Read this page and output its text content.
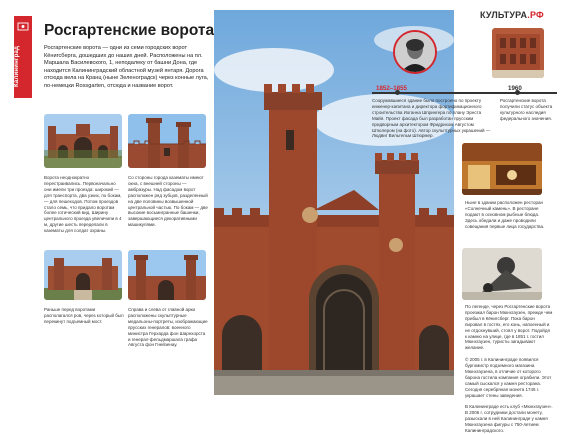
Калининград
Росгартенские ворота
Росгартенские ворота — одни из семи городских ворот Кёнигсберга, дошедших до наших дней. Расположены на пл. Маршала Василевского, 1, неподалеку от башни Дона, где находится Калининградский областной музей янтаря. Дорога отсюда вела на Кранц (ныне Зеленоградск) через конные луга, по-немецки Rossgarten, отсюда и название ворот.
Ворота неоднократно перестраивались. Первоначально они имели три проезда: широкий — для транспорта, два узких, по бокам, — для пешеходов. Потом проездов стало семь, что придало воротам более готический вид. Ширину центрального проезда увеличили в 4 м, другие шесть переделали в казематы для солдат охраны.
Со стороны города казематы имеют окна, с внешней стороны — амбразуры. Над фасадом ворот расположен ряд зубцов, разделенный на две половины возвышенной центральной частью. По бокам — две высокие восьмигранные башенки, завершающиеся декоративными машикулями.
Раньше перед воротами располагался ров, через который был перекинут подъемный мост.
Справа и слева от главной арки расположены скульптурные медальоны-портреты, изображающие прусских генералов: военного министра Герхарда фон Шарнхорста и генерал-фельдмаршала графа Августа фон Гнейзенау.
КУЛЬТУРА.РФ
1852–1855	1960
Сооружавшиеся здание было построено по проекту инженер-капитана и директора фортификационного строительства Иоганна Шпрингера по плану Эрнста Майя. Проект фасада был разработан прусским придворным архитектором Фридрихом Августом Штюлером (на фото). Автор скульптурных украшений — Людвиг Вильгельм Штюрмер.
Росгартенские ворота получили статус объекта культурного наследия федерального значения.
Ныне в здании расположен ресторан «Солнечный камень». В ресторане подают в основном рыбные блюда. Здесь обедали и даже проводили совещания первые лица государства.
По легенде, через Росгартенские ворота проезжал барон Мюнхгаузен, прежде чем прибыл в Кёнигсберг. Пока барон пировал в гостях, его конь, напоенный и не отдохнувший, стоял у ворот. Подойдя к камню на улице, где в 1851 г. гостил Мюнхгаузен, туристы загадывают желание.

© 2005 г. в Калининграде появился бургомистр подземного магазина Мюнхгаузена, в отличие от которого барона гостила компания ограбили. Этот самый сыскался у камня ресторана. Сегодня серебряная монета 1745 г. украшает стены заведения.

В Калининграде есть клуб «Мюнхгаузен». В 2006 г. сотрудники достали монету, разыскали в ней Калининграде у камня Мюнхгаузена фигуры с 750-летием Калининградского.
